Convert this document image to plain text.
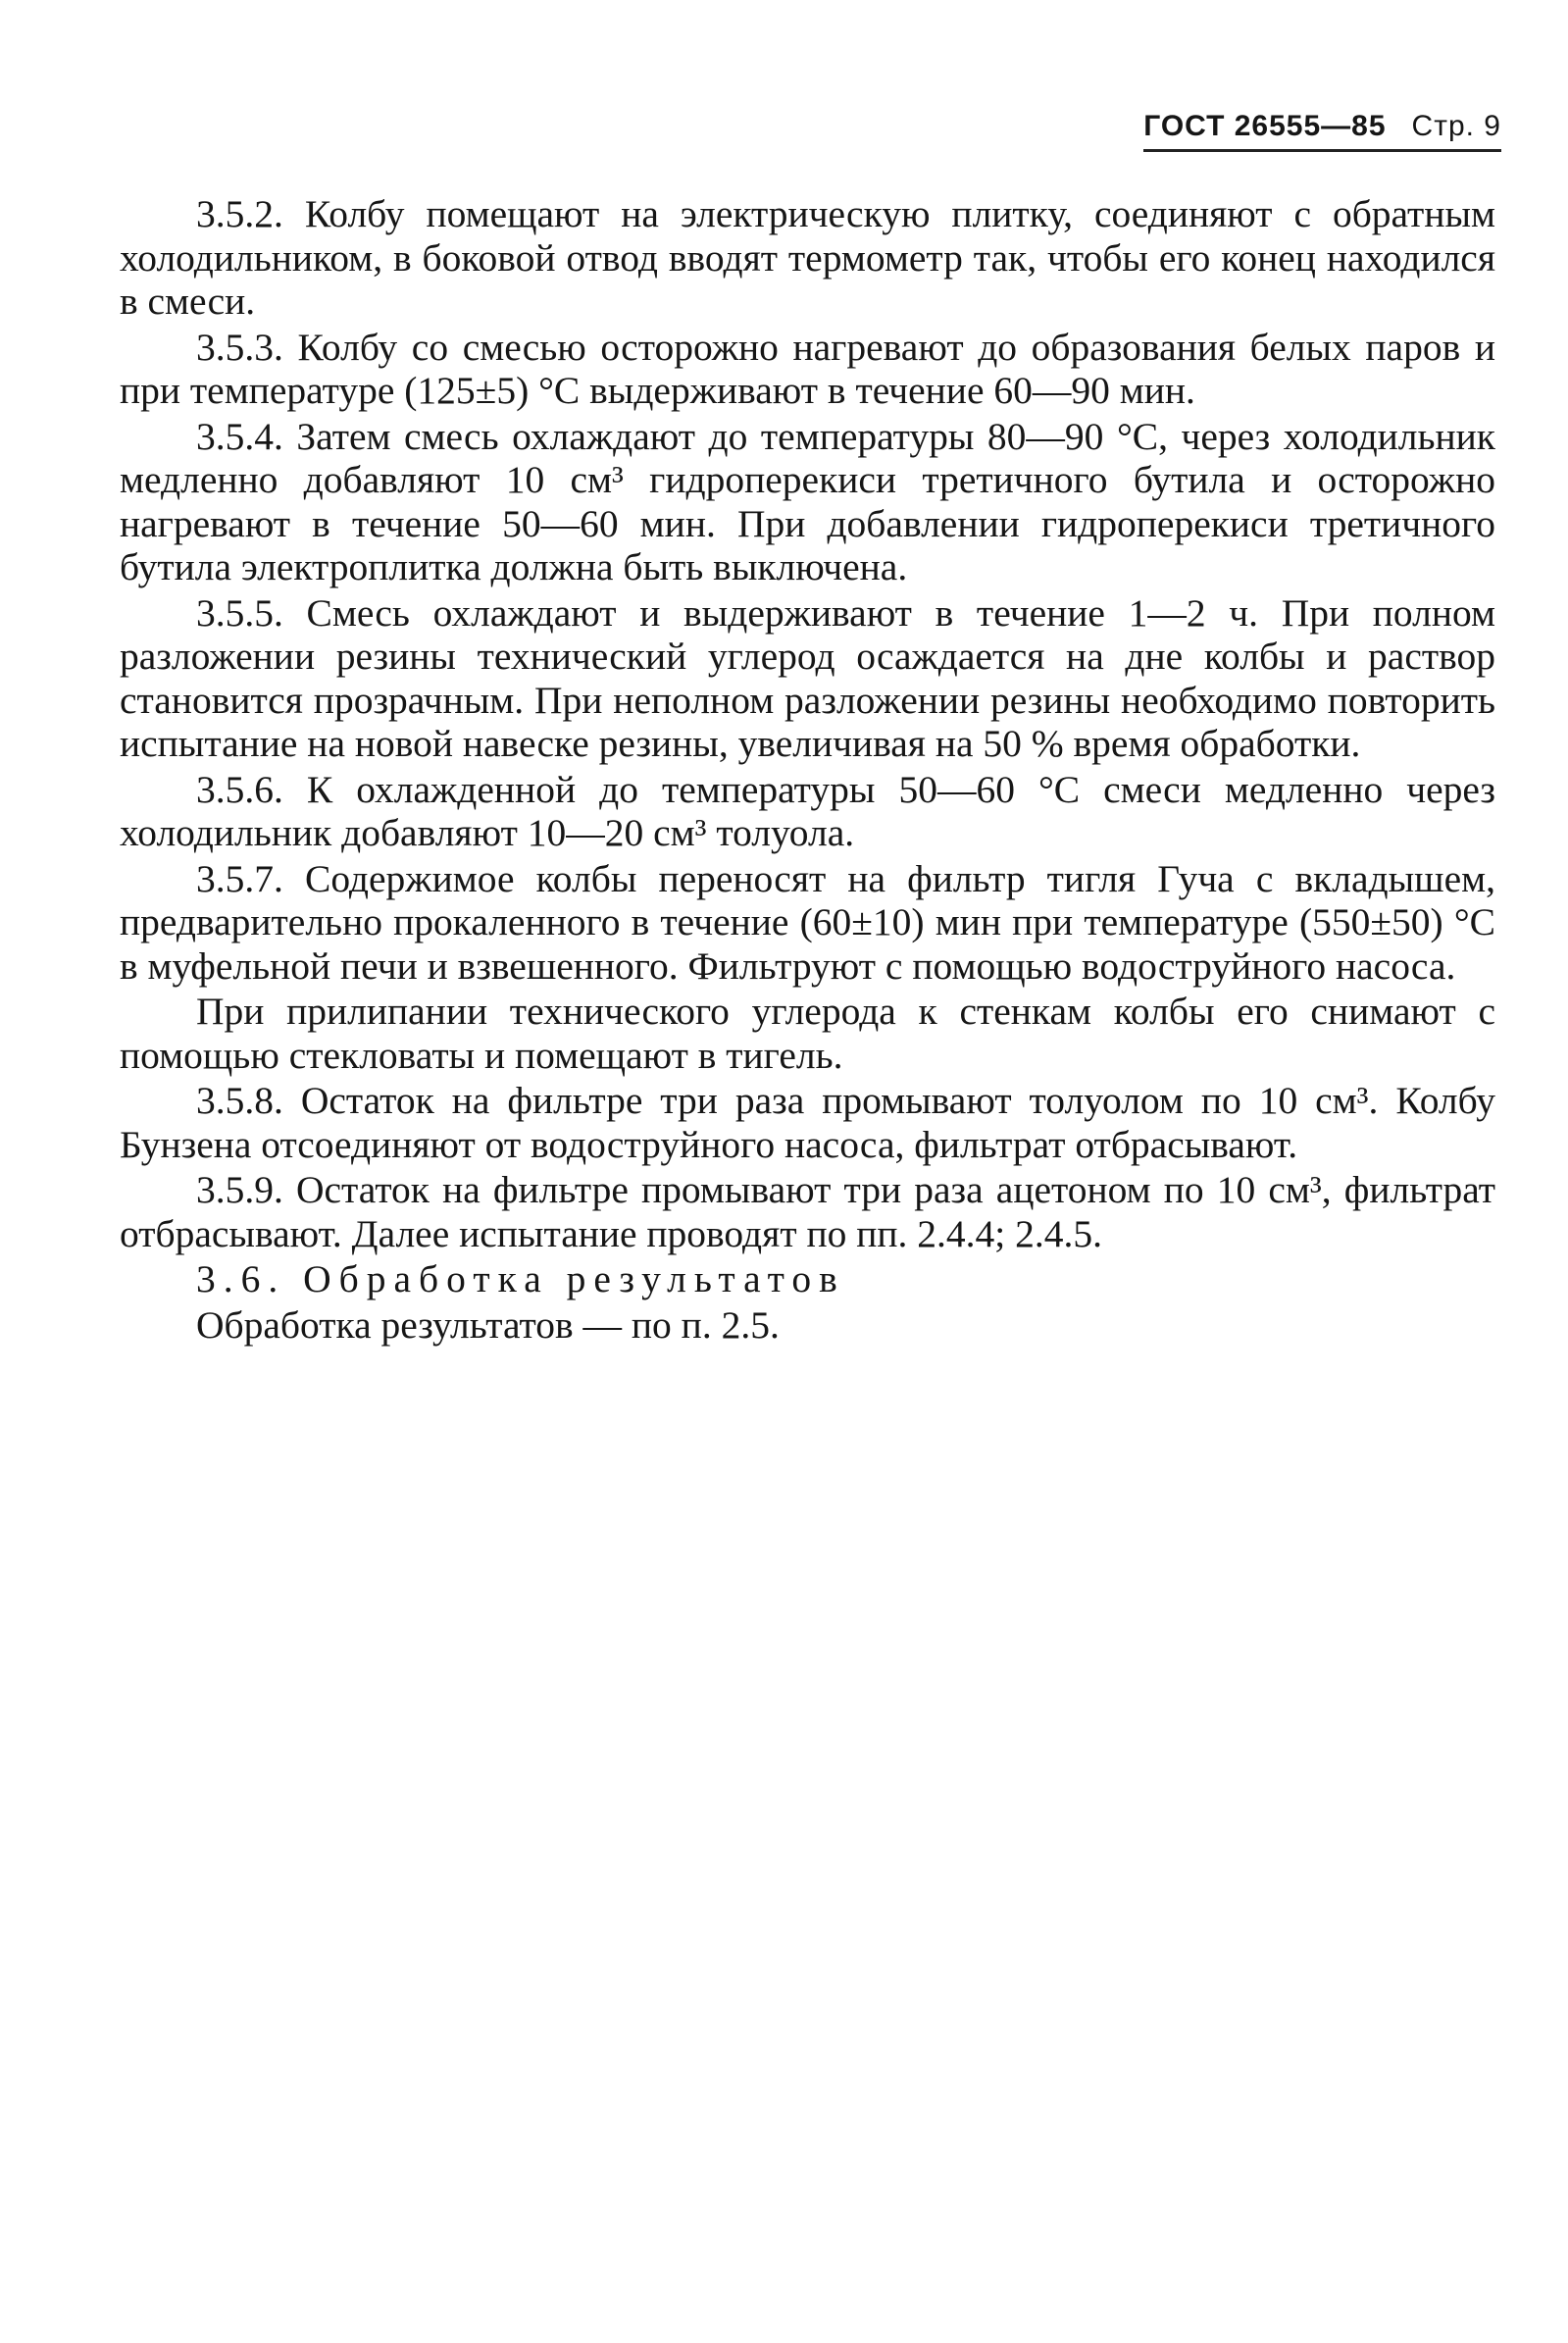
ГОСТ 26555—85 Стр. 9

3.5.2. Колбу помещают на электрическую плитку, соединяют с обратным холодильником, в боковой отвод вводят термометр так, чтобы его конец находился в смеси.

3.5.3. Колбу со смесью осторожно нагревают до образования белых паров и при температуре (125±5) °С выдерживают в течение 60—90 мин.

3.5.4. Затем смесь охлаждают до температуры 80—90 °С, через холодильник медленно добавляют 10 см³ гидроперекиси третичного бутила и осторожно нагревают в течение 50—60 мин. При добавлении гидроперекиси третичного бутила электроплитка должна быть выключена.

3.5.5. Смесь охлаждают и выдерживают в течение 1—2 ч. При полном разложении резины технический углерод осаждается на дне колбы и раствор становится прозрачным. При неполном разложении резины необходимо повторить испытание на новой навеске резины, увеличивая на 50 % время обработки.

3.5.6. К охлажденной до температуры 50—60 °С смеси медленно через холодильник добавляют 10—20 см³ толуола.

3.5.7. Содержимое колбы переносят на фильтр тигля Гуча с вкладышем, предварительно прокаленного в течение (60±10) мин при температуре (550±50) °С в муфельной печи и взвешенного. Фильтруют с помощью водоструйного насоса.

При прилипании технического углерода к стенкам колбы его снимают с помощью стекловаты и помещают в тигель.

3.5.8. Остаток на фильтре три раза промывают толуолом по 10 см³. Колбу Бунзена отсоединяют от водоструйного насоса, фильтрат отбрасывают.

3.5.9. Остаток на фильтре промывают три раза ацетоном по 10 см³, фильтрат отбрасывают. Далее испытание проводят по пп. 2.4.4; 2.4.5.

3.6. Обработка результатов

Обработка результатов — по п. 2.5.
